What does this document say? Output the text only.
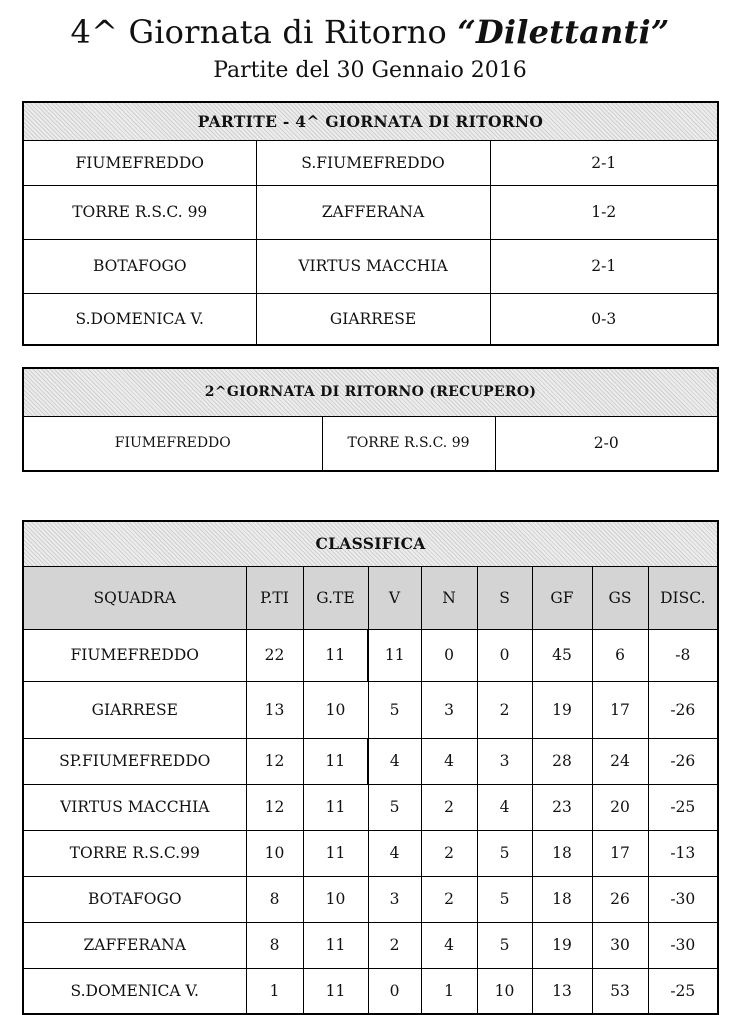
4^ Giornata di Ritorno “Dilettanti”
Partite del 30 Gennaio 2016
PARTITE - 4^ GIORNATA DI RITORNO		
FIUMEFREDDO	S.FIUMEFREDDO	2-1
TORRE R.S.C. 99	ZAFFERANA	1-2
BOTAFOGO	VIRTUS MACCHIA	2-1
S.DOMENICA V.	GIARRESE	0-3
2^GIORNATA DI RITORNO (RECUPERO)
FIUMEFREDDO	TORRE R.S.C. 99	2-0
CLASSIFICA								
SQUADRA	P.TI	G.TE	V	N	S	GF	GS	DISC.
FIUMEFREDDO	22	11	11	0	0	45	6	-8
GIARRESE	13	10	5	3	2	19	17	-26
SP.FIUMEFREDDO	12	11	4	4	3	28	24	-26
VIRTUS MACCHIA	12	11	5	2	4	23	20	-25
TORRE R.S.C.99	10	11	4	2	5	18	17	-13
BOTAFOGO	8	10	3	2	5	18	26	-30
ZAFFERANA	8	11	2	4	5	19	30	-30
S.DOMENICA V.	1	11	0	1	10	13	53	-25
